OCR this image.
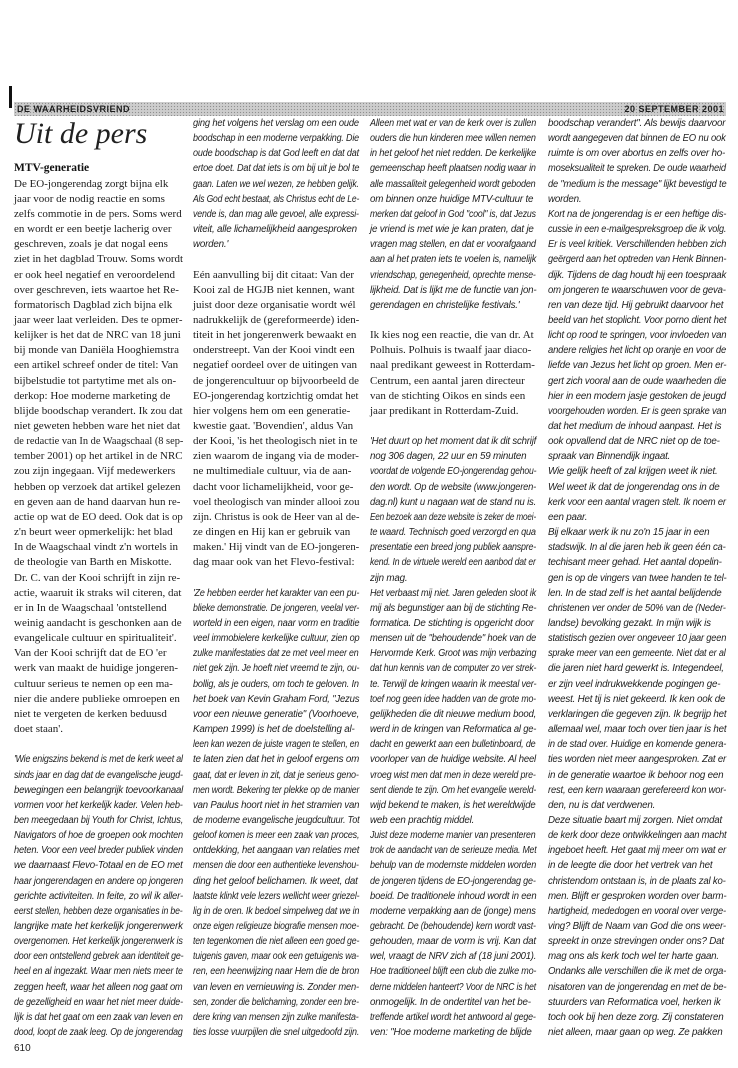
DE WAARHEIDSVRIEND	20 SEPTEMBER 2001
Uit de pers
MTV-generatie
De EO-jongerendag zorgt bijna elk
jaar voor de nodig reactie en soms
zelfs commotie in de pers. Soms werd
en wordt er een beetje lacherig over
geschreven, zoals je dat nogal eens
ziet in het dagblad Trouw. Soms wordt
er ook heel negatief en veroordelend
over geschreven, iets waartoe het Re-
formatorisch Dagblad zich bijna elk
jaar weer laat verleiden. Des te opmer-
kelijker is het dat de NRC van 18 juni
bij monde van Daniëla Hooghiemstra
een artikel schreef onder de titel: Van
bijbelstudie tot partytime met als on-
derkop: Hoe moderne marketing de
blijde boodschap verandert. Ik zou dat
niet geweten hebben ware het niet dat
de redactie van In de Waagschaal (8 sep-
tember 2001) op het artikel in de NRC
zou zijn ingegaan. Vijf medewerkers
hebben op verzoek dat artikel gelezen
en geven aan de hand daarvan hun re-
actie op wat de EO deed. Ook dat is op
z'n beurt weer opmerkelijk: het blad
In de Waagschaal vindt z'n wortels in
de theologie van Barth en Miskotte.
Dr. C. van der Kooi schrijft in zijn re-
actie, waaruit ik straks wil citeren, dat
er in In de Waagschaal 'ontstellend
weinig aandacht is geschonken aan de
evangelicale cultuur en spiritualiteit'.
Van der Kooi schrijft dat de EO 'er
werk van maakt de huidige jongeren-
cultuur serieus te nemen op een ma-
nier die andere publieke omroepen en
niet te vergeten de kerken beduusd
doet staan'.
'Wie enigszins bekend is met de kerk weet al
sinds jaar en dag dat de evangelische jeugd-
bewegingen een belangrijk toevoorkanaal
vormen voor het kerkelijk kader. Velen heb-
ben meegedaan bij Youth for Christ, Ichtus,
Navigators of hoe de groepen ook mochten
heten. Voor een veel breder publiek vinden
we daarnaast Flevo-Totaal en de EO met
haar jongerendagen en andere op jongeren
gerichte activiteiten. In feite, zo wil ik aller-
eerst stellen, hebben deze organisaties in be-
langrijke mate het kerkelijk jongerenwerk
overgenomen. Het kerkelijk jongerenwerk is
door een ontstellend gebrek aan identiteit ge-
heel en al ingezakt. Waar men niets meer te
zeggen heeft, waar het alleen nog gaat om
de gezelligheid en waar het niet meer duide-
lijk is dat het gaat om een zaak van leven en
dood, loopt de zaak leeg. Op de jongerendag
ging het volgens het verslag om een oude
boodschap in een moderne verpakking. Die
oude boodschap is dat God leeft en dat dat
ertoe doet. Dat dat iets is om bij uit je bol te
gaan. Laten we wel wezen, ze hebben gelijk.
Als God echt bestaat, als Christus echt de Le-
vende is, dan mag alle gevoel, alle expressi-
viteit, alle lichamelijkheid aangesproken
worden.'
Eén aanvulling bij dit citaat: Van der
Kooi zal de HGJB niet kennen, want
juist door deze organisatie wordt wél
nadrukkelijk de (gereformeerde) iden-
titeit in het jongerenwerk bewaakt en
onderstreept. Van der Kooi vindt een
negatief oordeel over de uitingen van
de jongerencultuur op bijvoorbeeld de
EO-jongerendag kortzichtig omdat het
hier volgens hem om een generatie-
kwestie gaat. 'Bovendien', aldus Van
der Kooi, 'is het theologisch niet in te
zien waarom de ingang via de moder-
ne multimediale cultuur, via de aan-
dacht voor lichamelijkheid, voor ge-
voel theologisch van minder allooi zou
zijn. Christus is ook de Heer van al de-
ze dingen en Hij kan er gebruik van
maken.' Hij vindt van de EO-jongeren-
dag maar ook van het Flevo-festival:
'Ze hebben eerder het karakter van een pu-
blieke demonstratie. De jongeren, veelal ver-
worteld in een eigen, naar vorm en traditie
veel immobielere kerkelijke cultuur, zien op
zulke manifestaties dat ze met veel meer en
niet gek zijn. Je hoeft niet vreemd te zijn, ou-
bollig, als je ouders, om toch te geloven. In
het boek van Kevin Graham Ford, "Jezus
voor een nieuwe generatie" (Voorhoeve,
Kampen 1999) is het de doelstelling al-
leen kan wezen de juiste vragen te stellen, en
te laten zien dat het in geloof ergens om
gaat, dat er leven in zit, dat je serieus geno-
men wordt. Bekering ter plekke op de manier
van Paulus hoort niet in het stramien van
de moderne evangelische jeugdcultuur. Tot
geloof komen is meer een zaak van proces,
ontdekking, het aangaan van relaties met
mensen die door een authentieke levenshou-
ding het geloof belichamen. Ik weet, dat
laatste klinkt vele lezers wellicht weer griezel-
lig in de oren. Ik bedoel simpelweg dat we in
onze eigen religieuze biografie mensen moe-
ten tegenkomen die niet alleen een goed ge-
tuigenis gaven, maar ook een getuigenis wa-
ren, een heenwijzing naar Hem die de bron
van leven en vernieuwing is. Zonder men-
sen, zonder die belichaming, zonder een bre-
dere kring van mensen zijn zulke manifesta-
ties losse vuurpijlen die snel uitgedoofd zijn.
Alleen met wat er van de kerk over is zullen
ouders die hun kinderen mee willen nemen
in het geloof het niet redden. De kerkelijke
gemeenschap heeft plaatsen nodig waar in
alle massaliteit gelegenheid wordt geboden
om binnen onze huidige MTV-cultuur te
merken dat geloof in God "cool" is, dat Jezus
je vriend is met wie je kan praten, dat je
vragen mag stellen, en dat er voorafgaand
aan al het praten iets te voelen is, namelijk
vriendschap, genegenheid, oprechte mense-
lijkheid. Dat is lijkt me de functie van jon-
gerendagen en christelijke festivals.'
Ik kies nog een reactie, die van dr. At
Polhuis. Polhuis is twaalf jaar diaco-
naal predikant geweest in Rotterdam-
Centrum, een aantal jaren directeur
van de stichting Oikos en sinds een
jaar predikant in Rotterdam-Zuid.
'Het duurt op het moment dat ik dit schrijf
nog 306 dagen, 22 uur en 59 minuten
voordat de volgende EO-jongerendag gehou-
den wordt. Op de website (www.jongeren-
dag.nl) kunt u nagaan wat de stand nu is.
Een bezoek aan deze website is zeker de moei-
te waard. Technisch goed verzorgd en qua
presentatie een breed jong publiek aanspre-
kend. In de virtuele wereld een aanbod dat er
zijn mag.
Het verbaast mij niet. Jaren geleden sloot ik
mij als begunstiger aan bij de stichting Re-
formatica. De stichting is opgericht door
mensen uit de "behoudende" hoek van de
Hervormde Kerk. Groot was mijn verbazing
dat hun kennis van de computer zo ver strek-
te. Terwijl de kringen waarin ik meestal ver-
toef nog geen idee hadden van de grote mo-
gelijkheden die dit nieuwe medium bood,
werd in de kringen van Reformatica al ge-
dacht en gewerkt aan een bulletinboard, de
voorloper van de huidige website. Al heel
vroeg wist men dat men in deze wereld pre-
sent diende te zijn. Om het evangelie wereld-
wijd bekend te maken, is het wereldwijde
web een prachtig middel.
Juist deze moderne manier van presenteren
trok de aandacht van de serieuze media. Met
behulp van de modernste middelen worden
de jongeren tijdens de EO-jongerendag ge-
boeid. De traditionele inhoud wordt in een
moderne verpakking aan de (jonge) mens
gebracht. De (behoudende) kern wordt vast-
gehouden, maar de vorm is vrij. Kan dat
wel, vraagt de NRV zich af (18 juni 2001).
Hoe traditioneel blijft een club die zulke mo-
derne middelen hanteert? Voor de NRC is het
onmogelijk. In de ondertitel van het be-
treffende artikel wordt het antwoord al gege-
ven: "Hoe moderne marketing de blijde
boodschap verandert". Als bewijs daarvoor
wordt aangegeven dat binnen de EO nu ook
ruimte is om over abortus en zelfs over ho-
moseksualiteit te spreken. De oude waarheid
de "medium is the message" lijkt bevestigd te
worden.
Kort na de jongerendag is er een heftige dis-
cussie in een e-mailgespreksgroep die ik volg.
Er is veel kritiek. Verschillenden hebben zich
geërgerd aan het optreden van Henk Binnen-
dijk. Tijdens de dag houdt hij een toespraak
om jongeren te waarschuwen voor de geva-
ren van deze tijd. Hij gebruikt daarvoor het
beeld van het stoplicht. Voor porno dient het
licht op rood te springen, voor invloeden van
andere religies het licht op oranje en voor de
liefde van Jezus het licht op groen. Men er-
gert zich vooral aan de oude waarheden die
hier in een modern jasje gestoken de jeugd
voorgehouden worden. Er is geen sprake van
dat het medium de inhoud aanpast. Het is
ook opvallend dat de NRC niet op de toe-
spraak van Binnendijk ingaat.
Wie gelijk heeft of zal krijgen weet ik niet.
Wel weet ik dat de jongerendag ons in de
kerk voor een aantal vragen stelt. Ik noem er
een paar.
Bij elkaar werk ik nu zo'n 15 jaar in een
stadswijk. In al die jaren heb ik geen één ca-
techisant meer gehad. Het aantal dopelin-
gen is op de vingers van twee handen te tel-
len. In de stad zelf is het aantal belijdende
christenen ver onder de 50% van de (Neder-
landse) bevolking gezakt. In mijn wijk is
statistisch gezien over ongeveer 10 jaar geen
sprake meer van een gemeente. Niet dat er al
die jaren niet hard gewerkt is. Integendeel,
er zijn veel indrukwekkende pogingen ge-
weest. Het tij is niet gekeerd. Ik ken ook de
verklaringen die gegeven zijn. Ik begrijp het
allemaal wel, maar toch over tien jaar is het
in de stad over. Huidige en komende genera-
ties worden niet meer aangesproken. Zat er
in de generatie waartoe ik behoor nog een
rest, een kern waaraan gerefereerd kon wor-
den, nu is dat verdwenen.
Deze situatie baart mij zorgen. Niet omdat
de kerk door deze ontwikkelingen aan macht
ingeboet heeft. Het gaat mij meer om wat er
in de leegte die door het vertrek van het
christendom ontstaan is, in de plaats zal ko-
men. Blijft er gesproken worden over barm-
hartigheid, mededogen en vooral over verge-
ving? Blijft de Naam van God die ons weer-
spreekt in onze strevingen onder ons? Dat
mag ons als kerk toch wel ter harte gaan.
Ondanks alle verschillen die ik met de orga-
nisatoren van de jongerendag en met de be-
stuurders van Reformatica voel, herken ik
toch ook bij hen deze zorg. Zij constateren
niet alleen, maar gaan op weg. Ze pakken
610
